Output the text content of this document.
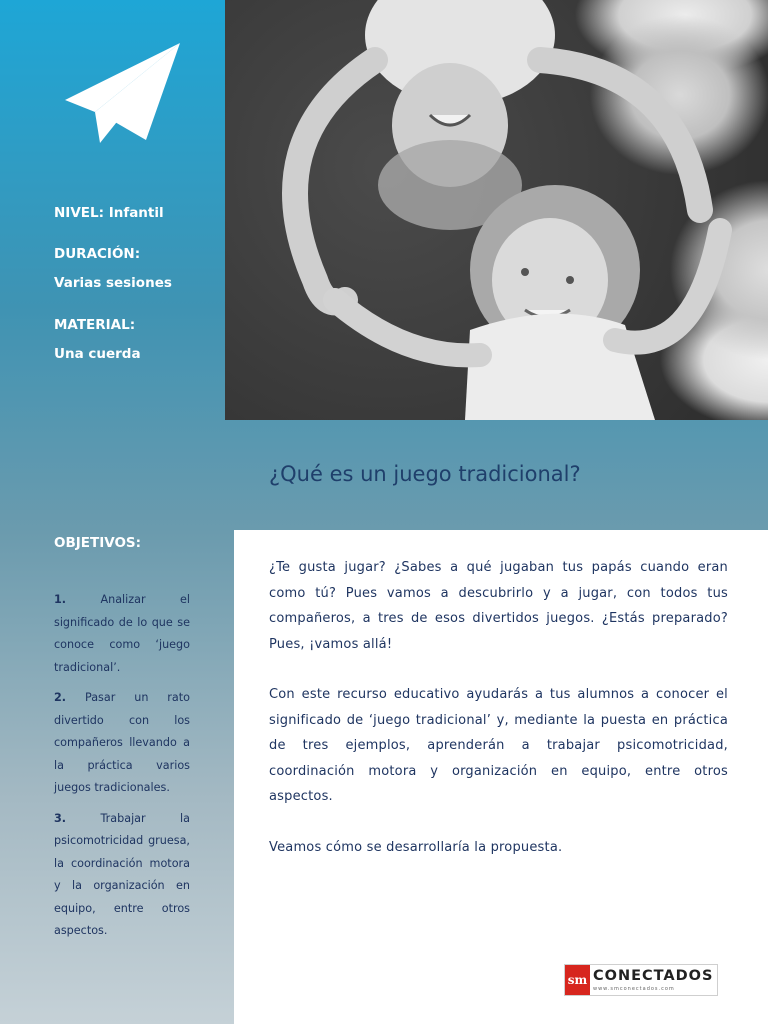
NIVEL: Infantil
DURACIÓN:
Varias sesiones
MATERIAL:
Una cuerda
¿Qué es un juego tradicional?
OBJETIVOS:
1.	Analizar el significado de lo que se conoce como ‘juego tradicional’.
2. Pasar un rato divertido con los compañeros llevando a la práctica varios juegos tradicionales.
3.	Trabajar la psicomotricidad gruesa, la coordinación motora y la organización en equipo, entre otros aspectos.

¿Te gusta jugar? ¿Sabes a qué jugaban tus papás cuando eran como tú? Pues vamos a descubrirlo y a jugar, con todos tus compañeros, a tres de esos divertidos juegos. ¿Estás preparado? Pues, ¡vamos allá!

Con este recurso educativo ayudarás a tus alumnos a conocer el significado de ‘juego tradicional’ y, mediante la puesta en práctica de tres ejemplos, aprenderán a trabajar psicomotricidad, coordinación motora y organización en equipo, entre otros aspectos.

Veamos cómo se desarrollaría la propuesta.

sm CONECTADOS
www.smconectados.com
